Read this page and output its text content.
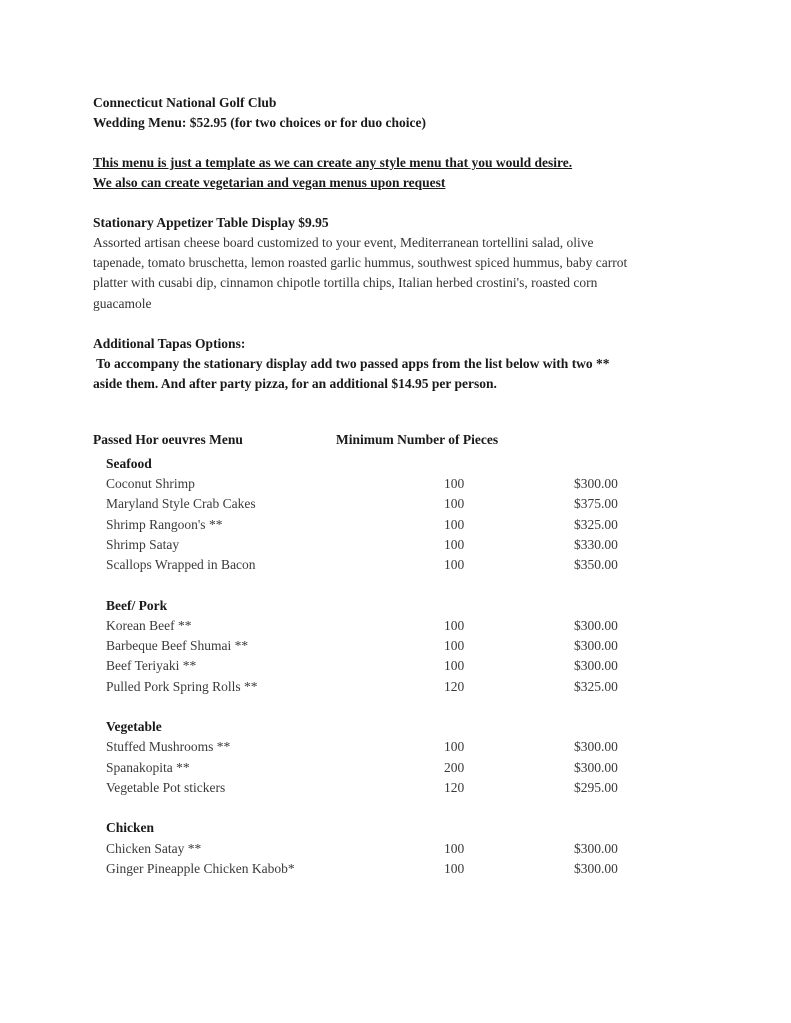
Connecticut National Golf Club
Wedding Menu: $52.95 (for two choices or for duo choice)
This menu is just a template as we can create any style menu that you would desire.
We also can create vegetarian and vegan menus upon request
Stationary Appetizer Table Display $9.95
Assorted artisan cheese board customized to your event, Mediterranean tortellini salad, olive
tapenade, tomato bruschetta, lemon roasted garlic hummus, southwest spiced hummus, baby carrot
platter with cusabi dip, cinnamon chipotle tortilla chips, Italian herbed crostini's, roasted corn
guacamole
Additional Tapas Options:
To accompany the stationary display add two passed apps from the list below with two **
aside them. And after party pizza, for an additional $14.95 per person.
Passed Hor oeuvres Menu	Minimum Number of Pieces
Seafood
Coconut Shrimp	100	$300.00
Maryland Style Crab Cakes	100	$375.00
Shrimp Rangoon's **	100	$325.00
Shrimp Satay	100	$330.00
Scallops Wrapped in Bacon	100	$350.00
Beef/ Pork
Korean Beef **	100	$300.00
Barbeque Beef Shumai **	100	$300.00
Beef Teriyaki **	100	$300.00
Pulled Pork Spring Rolls **	120	$325.00
Vegetable
Stuffed Mushrooms **	100	$300.00
Spanakopita **	200	$300.00
Vegetable Pot stickers	120	$295.00
Chicken
Chicken Satay **	100	$300.00
Ginger Pineapple Chicken Kabob*	100	$300.00
